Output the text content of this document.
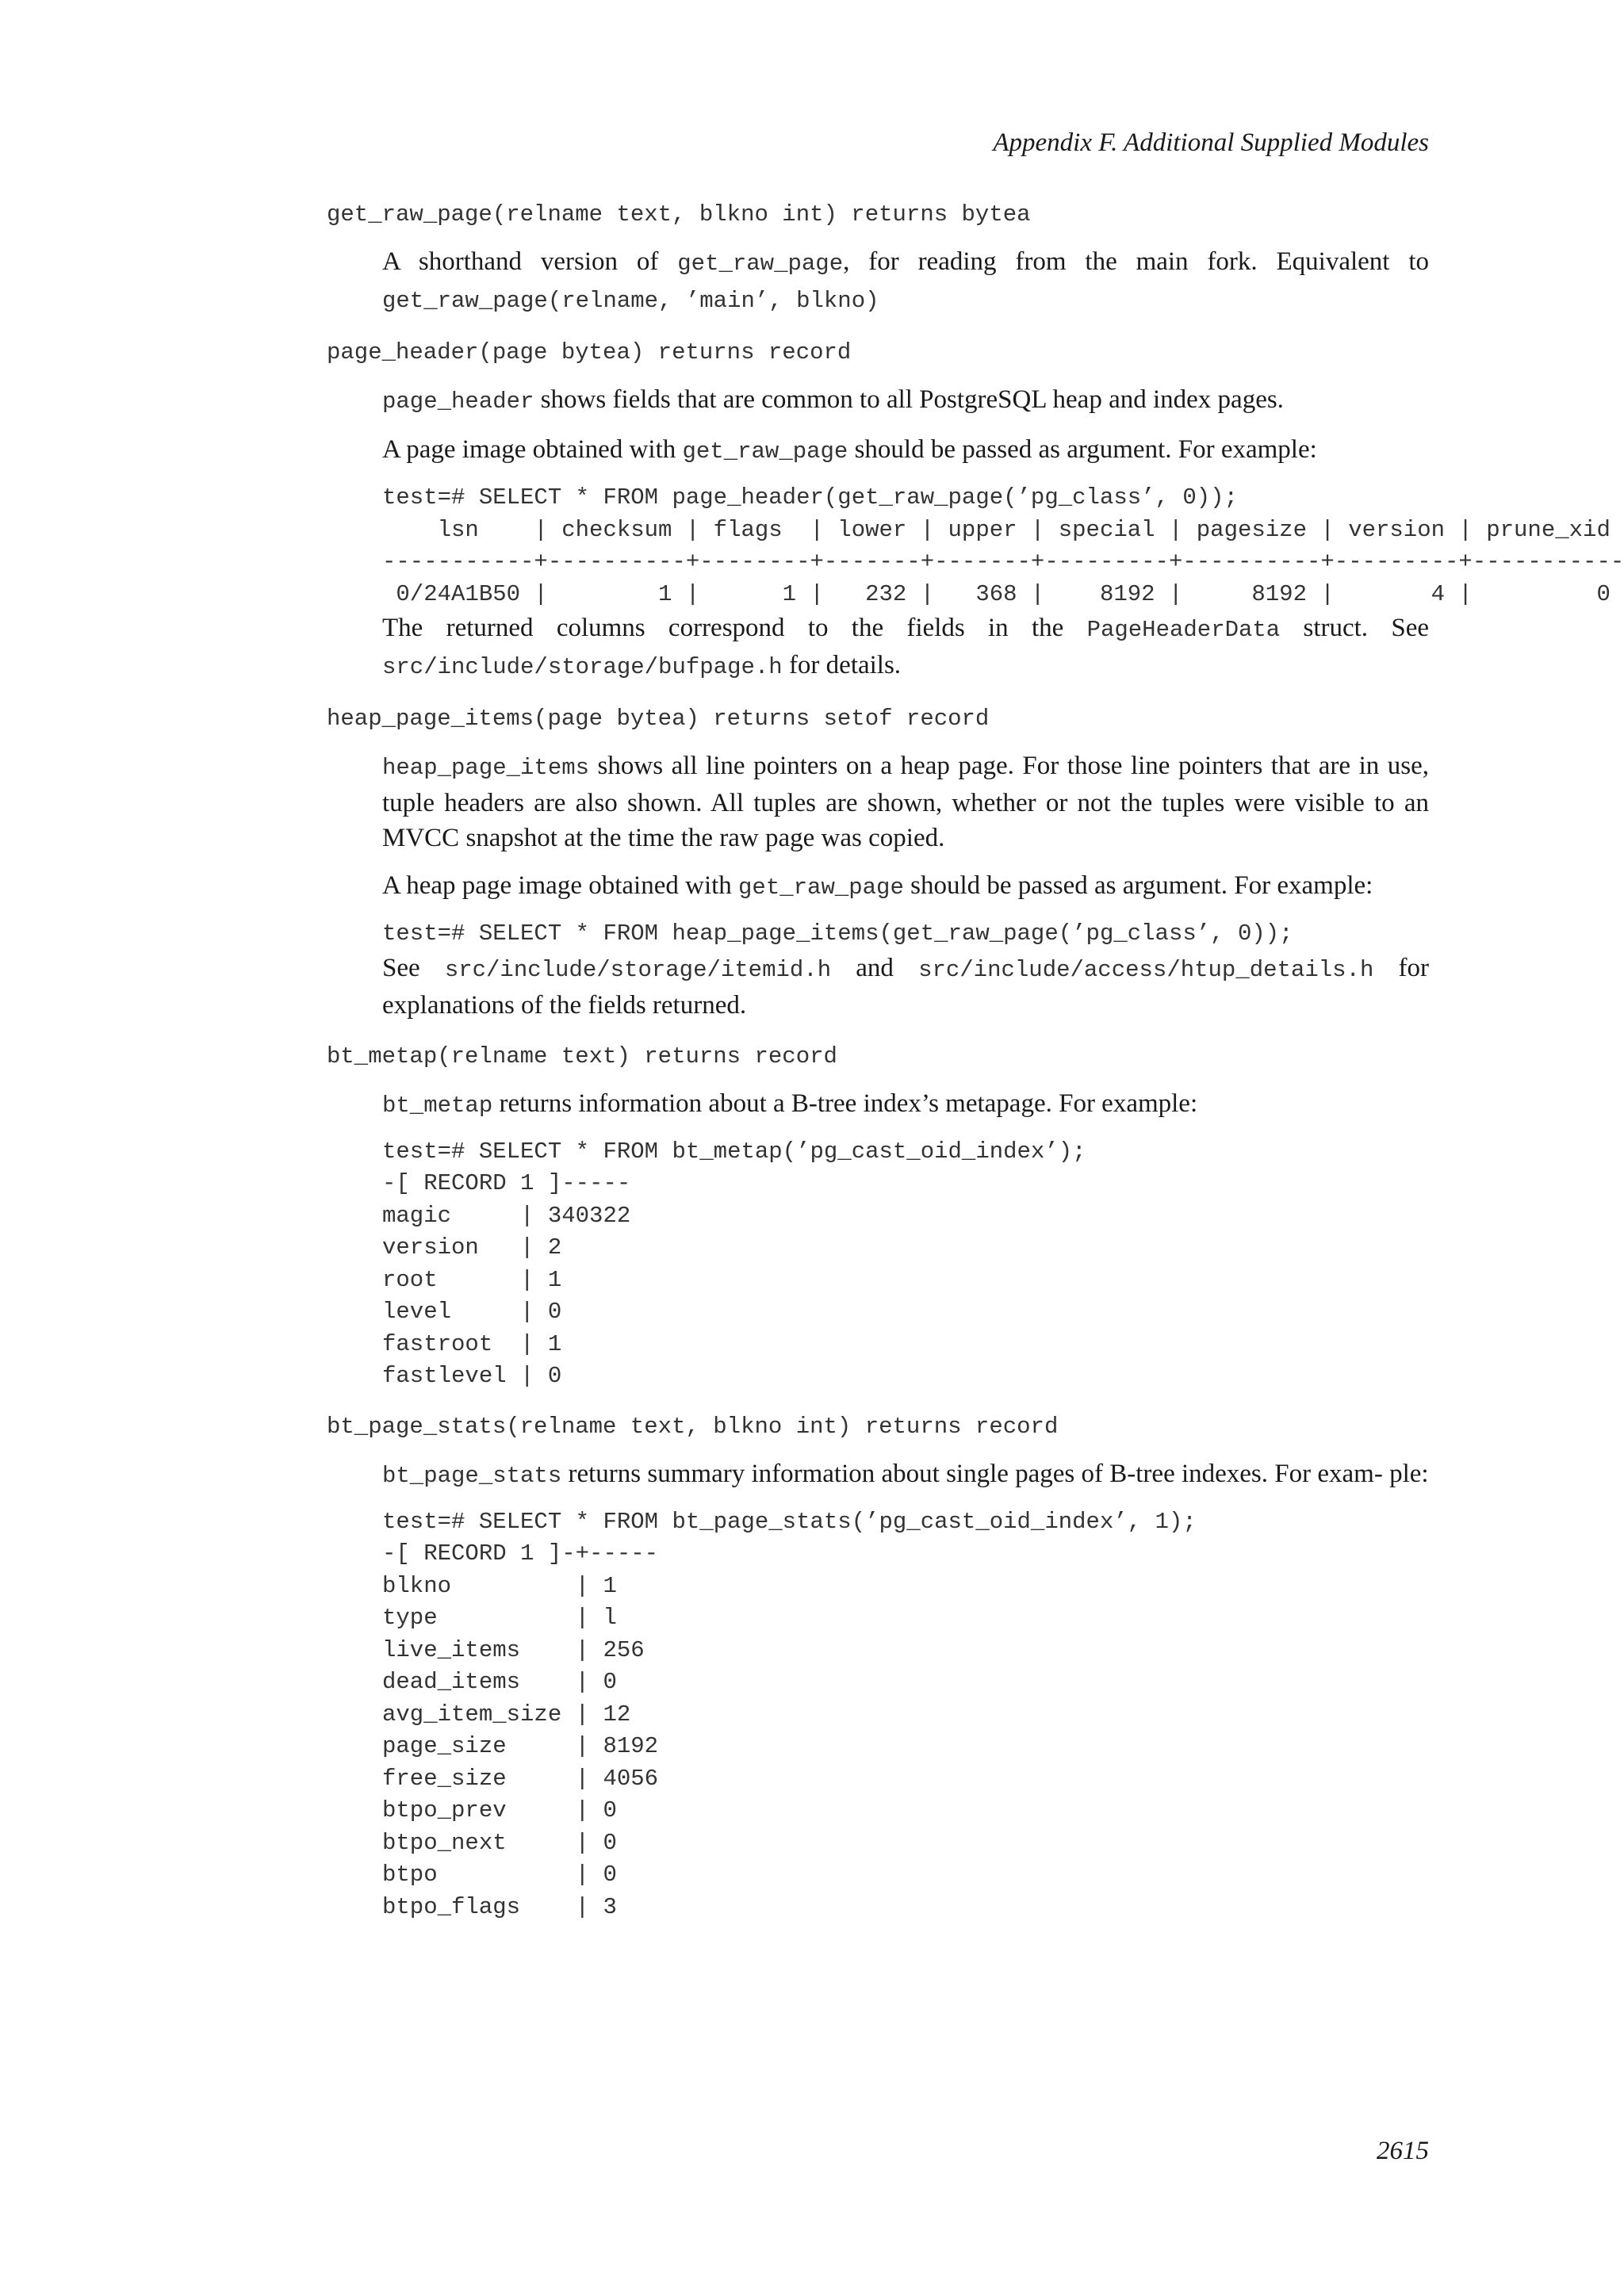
Appendix F. Additional Supplied Modules
get_raw_page(relname text, blkno int) returns bytea

A shorthand version of get_raw_page, for reading from the main fork. Equivalent to get_raw_page(relname, ’main’, blkno)

page_header(page bytea) returns record

page_header shows fields that are common to all PostgreSQL heap and index pages.

A page image obtained with get_raw_page should be passed as argument. For example:

test=# SELECT * FROM page_header(get_raw_page(’pg_class’, 0));
lsn    | checksum | flags  | lower | upper | special | pagesize | version | prune_xid
-----------+----------+--------+-------+-------+---------+----------+---------+-----------
0/24A1B50 |        1 |      1 |   232 |   368 |    8192 |     8192 |       4 |         0

The returned columns correspond to the fields in the PageHeaderData struct. See src/include/storage/bufpage.h for details.

heap_page_items(page bytea) returns setof record

heap_page_items shows all line pointers on a heap page. For those line pointers that are in use, tuple headers are also shown. All tuples are shown, whether or not the tuples were visible to an MVCC snapshot at the time the raw page was copied.

A heap page image obtained with get_raw_page should be passed as argument. For example:

test=# SELECT * FROM heap_page_items(get_raw_page(’pg_class’, 0));

See src/include/storage/itemid.h and src/include/access/htup_details.h for explanations of the fields returned.

bt_metap(relname text) returns record

bt_metap returns information about a B-tree index’s metapage. For example:

test=# SELECT * FROM bt_metap(’pg_cast_oid_index’);
-[ RECORD 1 ]-----
magic     | 340322
version   | 2
root      | 1
level     | 0
fastroot  | 1
fastlevel | 0
bt_page_stats(relname text, blkno int) returns record

bt_page_stats returns summary information about single pages of B-tree indexes. For exam- ple:

test=# SELECT * FROM bt_page_stats(’pg_cast_oid_index’, 1);
-[ RECORD 1 ]-+-----
blkno         | 1
type          | l
live_items    | 256
dead_items    | 0
avg_item_size | 12
page_size     | 8192
free_size     | 4056
btpo_prev     | 0
btpo_next     | 0
btpo          | 0
btpo_flags    | 3
2615
